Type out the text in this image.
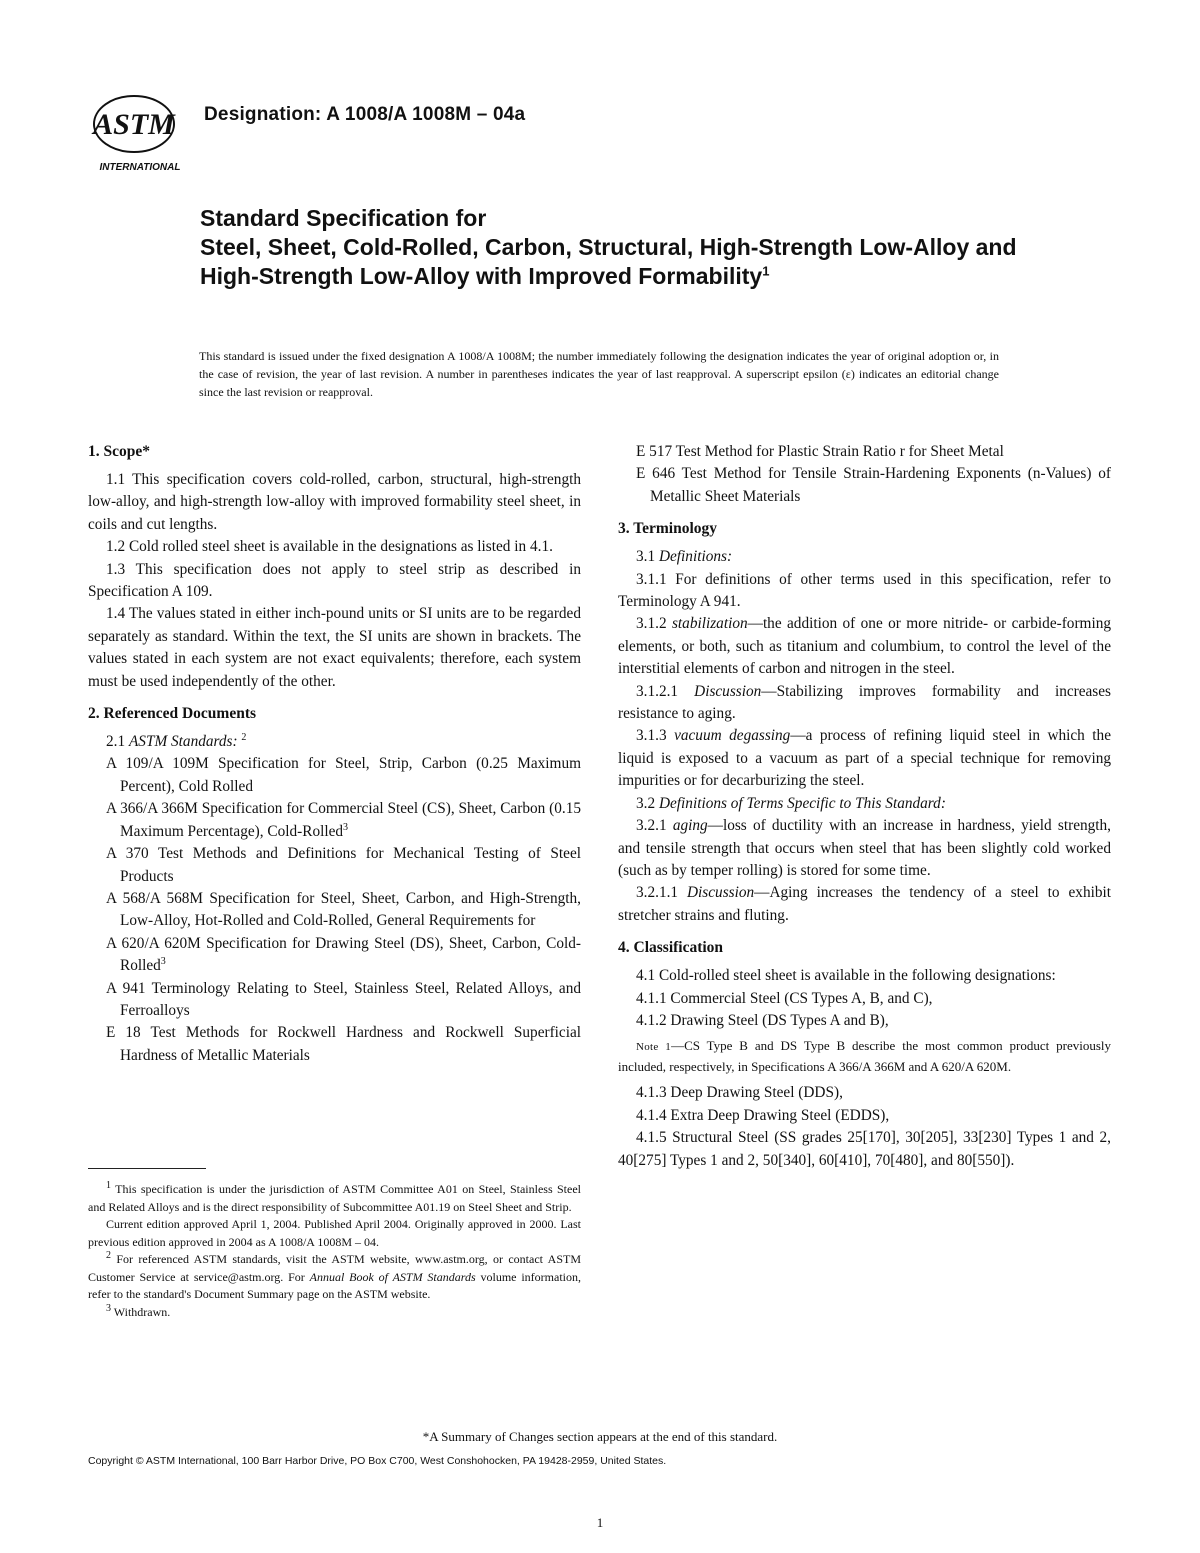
ASTM
INTERNATIONAL
Designation: A 1008/A 1008M – 04a
Standard Specification for
Steel, Sheet, Cold-Rolled, Carbon, Structural, High-Strength Low-Alloy and High-Strength Low-Alloy with Improved Formability$^1$
This standard is issued under the fixed designation A 1008/A 1008M; the number immediately following the designation indicates the year of original adoption or, in the case of revision, the year of last revision. A number in parentheses indicates the year of last reapproval. A superscript epsilon (ε) indicates an editorial change since the last revision or reapproval.
1. Scope*

1.1 This specification covers cold-rolled, carbon, structural, high-strength low-alloy, and high-strength low-alloy with improved formability steel sheet, in coils and cut lengths.

1.2 Cold rolled steel sheet is available in the designations as listed in 4.1.

1.3 This specification does not apply to steel strip as described in Specification A 109.

1.4 The values stated in either inch-pound units or SI units are to be regarded separately as standard. Within the text, the SI units are shown in brackets. The values stated in each system are not exact equivalents; therefore, each system must be used independently of the other.

2. Referenced Documents

2.1 ASTM Standards: $^2$

A 109/A 109M Specification for Steel, Strip, Carbon (0.25 Maximum Percent), Cold Rolled

A 366/A 366M Specification for Commercial Steel (CS), Sheet, Carbon (0.15 Maximum Percentage), Cold-Rolled$^3$

A 370 Test Methods and Definitions for Mechanical Testing of Steel Products

A 568/A 568M Specification for Steel, Sheet, Carbon, and High-Strength, Low-Alloy, Hot-Rolled and Cold-Rolled, General Requirements for

A 620/A 620M Specification for Drawing Steel (DS), Sheet, Carbon, Cold-Rolled$^3$

A 941 Terminology Relating to Steel, Stainless Steel, Related Alloys, and Ferroalloys

E 18 Test Methods for Rockwell Hardness and Rockwell Superficial Hardness of Metallic Materials

E 517 Test Method for Plastic Strain Ratio r for Sheet Metal

E 646 Test Method for Tensile Strain-Hardening Exponents (n-Values) of Metallic Sheet Materials

3. Terminology

3.1 Definitions:

3.1.1 For definitions of other terms used in this specification, refer to Terminology A 941.

3.1.2 stabilization—the addition of one or more nitride- or carbide-forming elements, or both, such as titanium and columbium, to control the level of the interstitial elements of carbon and nitrogen in the steel.

3.1.2.1 Discussion—Stabilizing improves formability and increases resistance to aging.

3.1.3 vacuum degassing—a process of refining liquid steel in which the liquid is exposed to a vacuum as part of a special technique for removing impurities or for decarburizing the steel.

3.2 Definitions of Terms Specific to This Standard:

3.2.1 aging—loss of ductility with an increase in hardness, yield strength, and tensile strength that occurs when steel that has been slightly cold worked (such as by temper rolling) is stored for some time.

3.2.1.1 Discussion—Aging increases the tendency of a steel to exhibit stretcher strains and fluting.

4. Classification

4.1 Cold-rolled steel sheet is available in the following designations:

4.1.1 Commercial Steel (CS Types A, B, and C),

4.1.2 Drawing Steel (DS Types A and B),

Note 1—CS Type B and DS Type B describe the most common product previously included, respectively, in Specifications A 366/A 366M and A 620/A 620M.

4.1.3 Deep Drawing Steel (DDS),

4.1.4 Extra Deep Drawing Steel (EDDS),

4.1.5 Structural Steel (SS grades 25[170], 30[205], 33[230] Types 1 and 2, 40[275] Types 1 and 2, 50[340], 60[410], 70[480], and 80[550]).

$^1$ This specification is under the jurisdiction of ASTM Committee A01 on Steel, Stainless Steel and Related Alloys and is the direct responsibility of Subcommittee A01.19 on Steel Sheet and Strip.

Current edition approved April 1, 2004. Published April 2004. Originally approved in 2000. Last previous edition approved in 2004 as A 1008/A 1008M – 04.

$^2$ For referenced ASTM standards, visit the ASTM website, www.astm.org, or contact ASTM Customer Service at service@astm.org. For Annual Book of ASTM Standards volume information, refer to the standard's Document Summary page on the ASTM website.

$^3$ Withdrawn.

*A Summary of Changes section appears at the end of this standard.
Copyright © ASTM International, 100 Barr Harbor Drive, PO Box C700, West Conshohocken, PA 19428-2959, United States.
1
